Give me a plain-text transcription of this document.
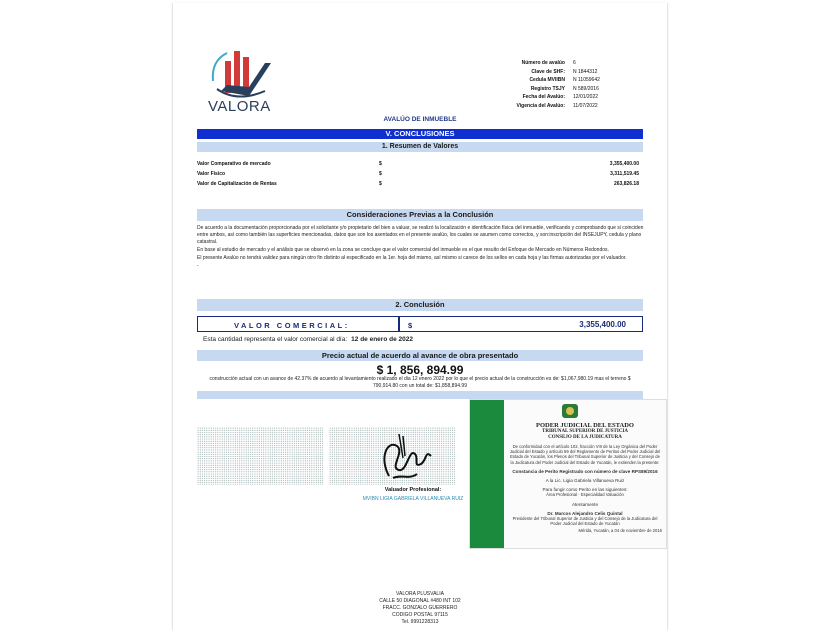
VALORA
Número de avalúo	6
Clave de SHF:	N 1844312
Cedula MVIIBN	N 11059642
Registro TSJY	N 589/2016
Fecha del Avalúo:	12/01/2022
Vigencia del Avalúo:	11/07/2022
AVALÚO DE INMUEBLE
V. CONCLUSIONES
1. Resumen de Valores
Valor Comparativo de mercado	$	3,355,400.00
Valor Físico	$	3,311,519.45
Valor de Capitalización de Rentas	$	263,826.18
Consideraciones Previas a la Conclusión

De acuerdo a la documentación proporcionada por el solicitante y/o propietario del bien a valuar, se realizó la localización e identificación física del inmueble, verificando y comprobando que si coinciden entre ambos, así como también las superficies mencionadas, datos que son los asentados en el presente avalúo, los cuales se asumen como correctos, y son:inscripción del INSEJUPY, cedula y plano catastral.

En base al estudio de mercado y el análisis que se observó en la zona se concluye que el valor comercial del inmueble es el que resulto del Enfoque de Mercado en Números Redondos.

El presente Avalúo no tendrá validez para ningún otro fin distinto al especificado en la 1er. hoja del mismo, así mismo si carece de los sellos en cada hoja y las firmas autorizadas por el valuador.

-

2. Conclusión
VALOR COMERCIAL:	$	3,355,400.00
Esta cantidad representa el valor comercial al día: 12 de enero de 2022
Precio actual de acuerdo al avance de obra presentado
$ 1, 856, 894.99
construcción actual con un avance de 42.37% de acuerdo al levantamiento realizado el dia 12 enero 2022 por lo que el precio actual de la construcción es de: $1,067,980.19 mas el terreno $ 790,914.80 con un total de: $1,858,894.99
Valuador Profesional:
MVIBN LIGIA GABRIELA VILLANUEVA RUIZ
PODER JUDICIAL DEL ESTADO
TRIBUNAL SUPERIOR DE JUSTICIA
CONSEJO DE LA JUDICATURA
De conformidad con el artículo 102, fracción VIII de la Ley Orgánica del Poder Judicial del Estado y artículo 59 del Reglamento de Peritos del Poder Judicial del Estado de Yucatán, los Plenos del Tribunal Superior de Justicia y del Consejo de la Judicatura del Poder Judicial del Estado de Yucatán, le extienden la presente:
Constancia de Perito Registrado con número de clave RPS89/2016
A la Lic. Ligia Gabriela Villanueva Ruiz
Para fungir como Perito en las siguientes:
Área Profesional · Especialidad Valuación
Atentamente
Dr. Marcos Alejandro Celis Quintal
Presidente del Tribunal Superior de Justicia y del Consejo de la Judicatura del Poder Judicial del Estado de Yucatán
Mérida, Yucatán, a 04 de noviembre de 2016
VALORA PLUSVALIA
CALLE 50 DIAGONAL #480 INT 102
FRACC. GONZALO GUERRERO
CODIGO POSTAL 97115
Tel. 9991228313
